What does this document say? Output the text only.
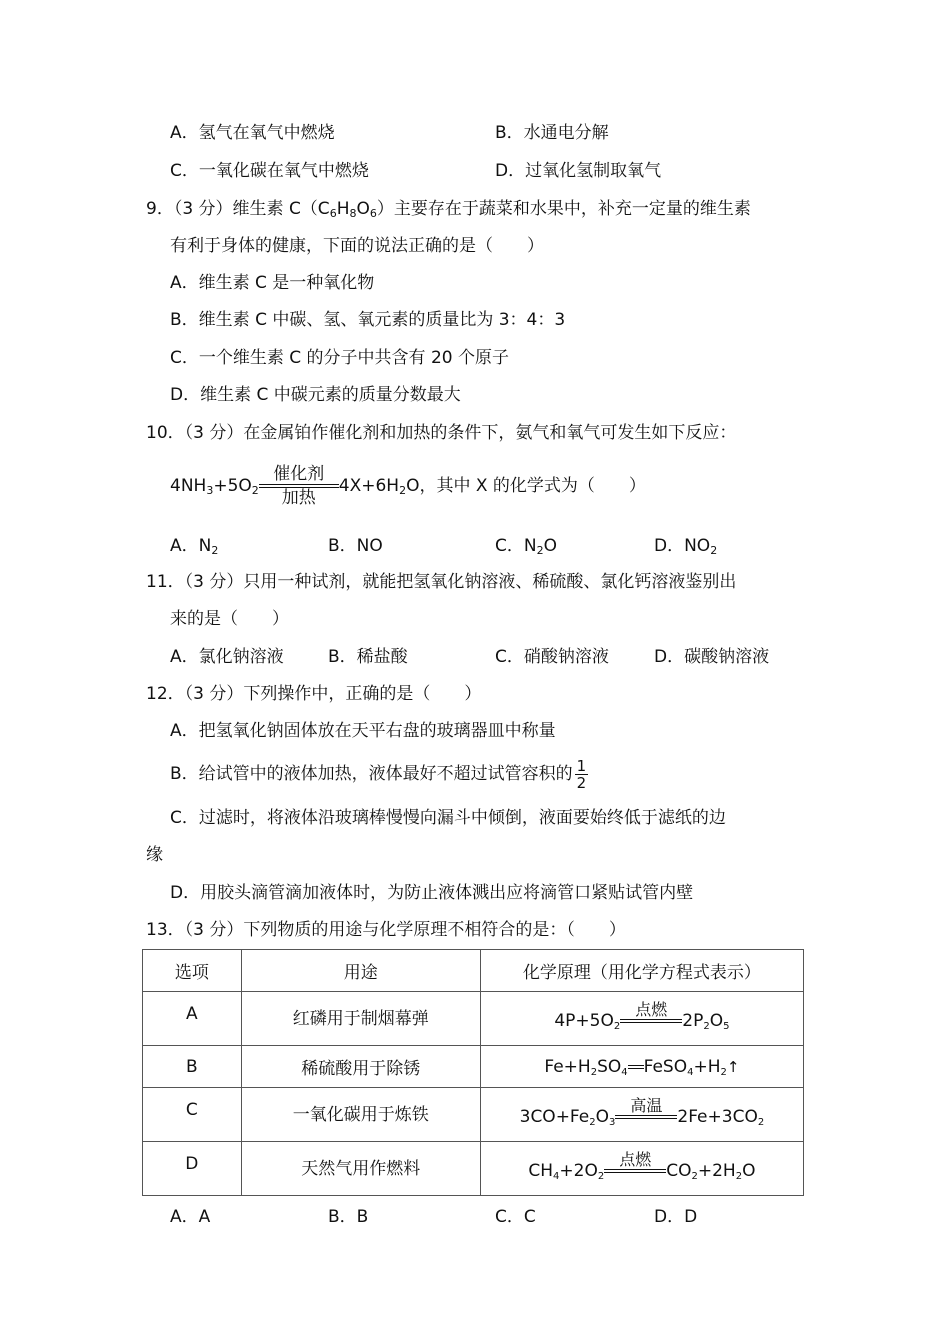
A．氢气在氧气中燃烧	B．水通电分解
C．一氧化碳在氧气中燃烧	D．过氧化氢制取氧气
9．（3 分）维生素 $C(C_6H_8O_6)$主要存在于蔬菜和水果中，补充一定量的维生素
有利于身体的健康，下面的说法正确的是（　　）
A．维生素 C 是一种氧化物
B．维生素 C 中碳、氢、氧元素的质量比为 3：4：3
C．一个维生素 C 的分子中共含有 20 个原子
D．维生素 C 中碳元素的质量分数最大
10．（3 分）在金属铂作催化剂和加热的条件下，氨气和氧气可发生如下反应：
$4NH_3+5O_2$
催化剂
加热
$4X+6H_2O$，其中 X 的化学式为（　　）
A．$N_2$	B．NO	C．$N_2O$	D．$NO_2$
11．（3 分）只用一种试剂，就能把氢氧化钠溶液、稀硫酸、氯化钙溶液鉴别出
来的是（　　）
A．氯化钠溶液	B．稀盐酸	C．硝酸钠溶液	D．碳酸钠溶液
12．（3 分）下列操作中，正确的是（　　）
A．把氢氧化钠固体放在天平右盘的玻璃器皿中称量
B．给试管中的液体加热，液体最好不超过试管容积的 $\frac{1}{2}$
C．过滤时，将液体沿玻璃棒慢慢向漏斗中倾倒，液面要始终低于滤纸的边
缘
D．用胶头滴管滴加液体时，为防止液体溅出应将滴管口紧贴试管内壁
13．（3 分）下列物质的用途与化学原理不相符合的是：（　　）
选项	用途	化学原理（用化学方程式表示）
A	红磷用于制烟幕弹	$4P+5O_2$
点燃
$2P_2O_5$
B	稀硫酸用于除锈	$Fe+H_2SO_4$ $FeSO_4+H_2↑$
C	一氧化碳用于炼铁	$3CO+Fe_2O_3$
高温
$2Fe+3CO_2$
D	天然气用作燃料	$CH_4+2O_2$
点燃
$CO_2+2H_2O$
A．A	B．B	C．C	D．D
